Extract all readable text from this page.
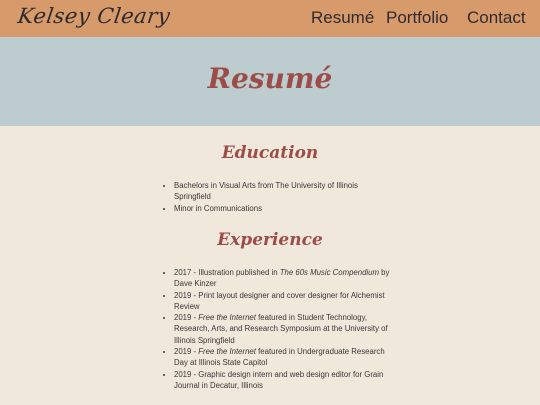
Kelsey Cleary	Resumé Portfolio Contact
Resumé
Education
• Bachelors in Visual Arts from The University of Illinois Springfield
• Minor in Communications
Experience
• 2017 - Illustration published in The 60s Music Compendium by Dave Kinzer
• 2019 - Print layout designer and cover designer for Alchemist Review
• 2019 - Free the Internet featured in Student Technology, Research, Arts, and Research Symposium at the University of Illinois Springfield
• 2019 - Free the Internet featured in Undergraduate Research Day at Illinois State Capitol
• 2019 - Graphic design intern and web design editor for Grain Journal in Decatur, Illinois
